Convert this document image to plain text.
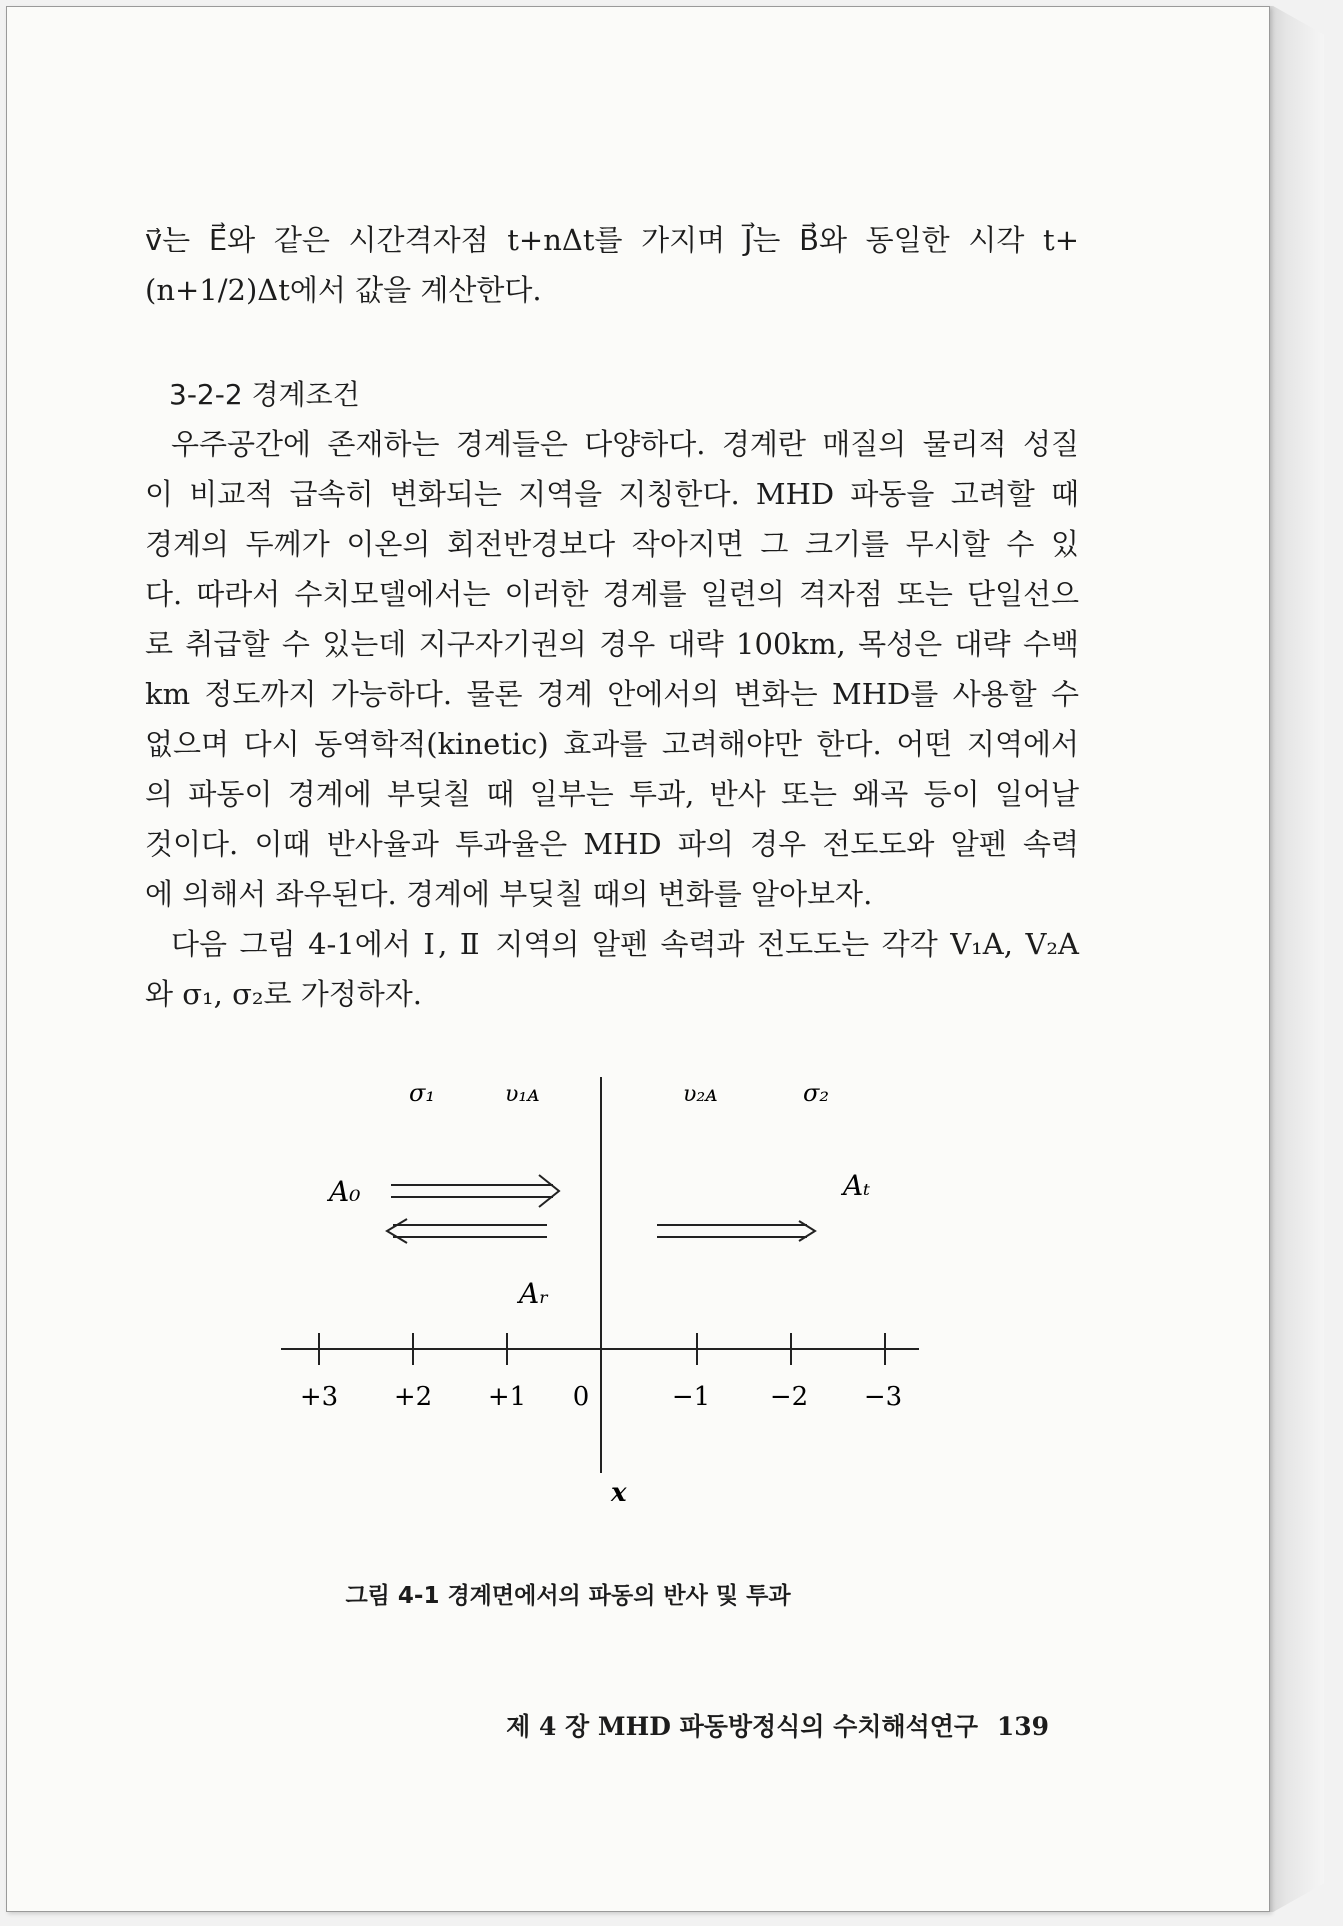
v⃗는 E⃗와 같은 시간격자점 t+nΔt를 가지며 J⃗는 B⃗와 동일한 시각 t+
(n+1/2)Δt에서 값을 계산한다.
3-2-2 경계조건
우주공간에 존재하는 경계들은 다양하다. 경계란 매질의 물리적 성질
이 비교적 급속히 변화되는 지역을 지칭한다. MHD 파동을 고려할 때
경계의 두께가 이온의 회전반경보다 작아지면 그 크기를 무시할 수 있
다. 따라서 수치모델에서는 이러한 경계를 일련의 격자점 또는 단일선으
로 취급할 수 있는데 지구자기권의 경우 대략 100km, 목성은 대략 수백
km 정도까지 가능하다. 물론 경계 안에서의 변화는 MHD를 사용할 수
없으며 다시 동역학적(kinetic) 효과를 고려해야만 한다. 어떤 지역에서
의 파동이 경계에 부딪칠 때 일부는 투과, 반사 또는 왜곡 등이 일어날
것이다. 이때 반사율과 투과율은 MHD 파의 경우 전도도와 알펜 속력
에 의해서 좌우된다. 경계에 부딪칠 때의 변화를 알아보자.
다음 그림 4-1에서 Ⅰ, Ⅱ 지역의 알펜 속력과 전도도는 각각 V₁A, V₂A
와 σ₁, σ₂로 가정하자.
σ₁	υ₁ᴀ	υ₂ᴀ	σ₂
A₀	Aₜ
Aᵣ
+3 +2 +1 0	−1 −2 −3
x
그림 4-1 경계면에서의 파동의 반사 및 투과
제 4 장 MHD 파동방정식의 수치해석연구 139
